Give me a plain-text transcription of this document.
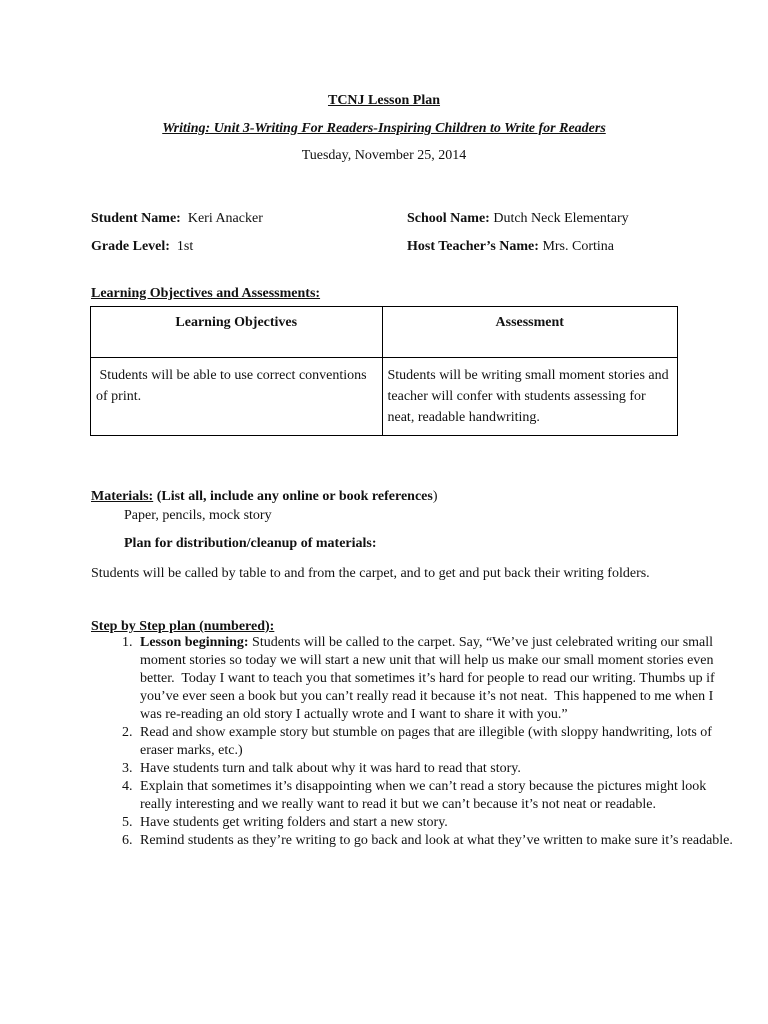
TCNJ Lesson Plan
Writing: Unit 3-Writing For Readers-Inspiring Children to Write for Readers
Tuesday, November 25, 2014
Student Name: Keri Anacker	School Name: Dutch Neck Elementary
Grade Level: 1st	Host Teacher’s Name: Mrs. Cortina
Learning Objectives and Assessments:
Learning Objectives	Assessment
Students will be able to use correct conventions of print.	Students will be writing small moment stories and teacher will confer with students assessing for neat, readable handwriting.
Materials: (List all, include any online or book references)
Paper, pencils, mock story
Plan for distribution/cleanup of materials:
Students will be called by table to and from the carpet, and to get and put back their writing folders.
Step by Step plan (numbered):
1. Lesson beginning: Students will be called to the carpet. Say, “We’ve just celebrated writing our small moment stories so today we will start a new unit that will help us make our small moment stories even better.  Today I want to teach you that sometimes it’s hard for people to read our writing. Thumbs up if you’ve ever seen a book but you can’t really read it because it’s not neat.  This happened to me when I was re-reading an old story I actually wrote and I want to share it with you.”
2. Read and show example story but stumble on pages that are illegible (with sloppy handwriting, lots of eraser marks, etc.)
3. Have students turn and talk about why it was hard to read that story.
4. Explain that sometimes it’s disappointing when we can’t read a story because the pictures might look really interesting and we really want to read it but we can’t because it’s not neat or readable.
5. Have students get writing folders and start a new story.
6. Remind students as they’re writing to go back and look at what they’ve written to make sure it’s readable.
